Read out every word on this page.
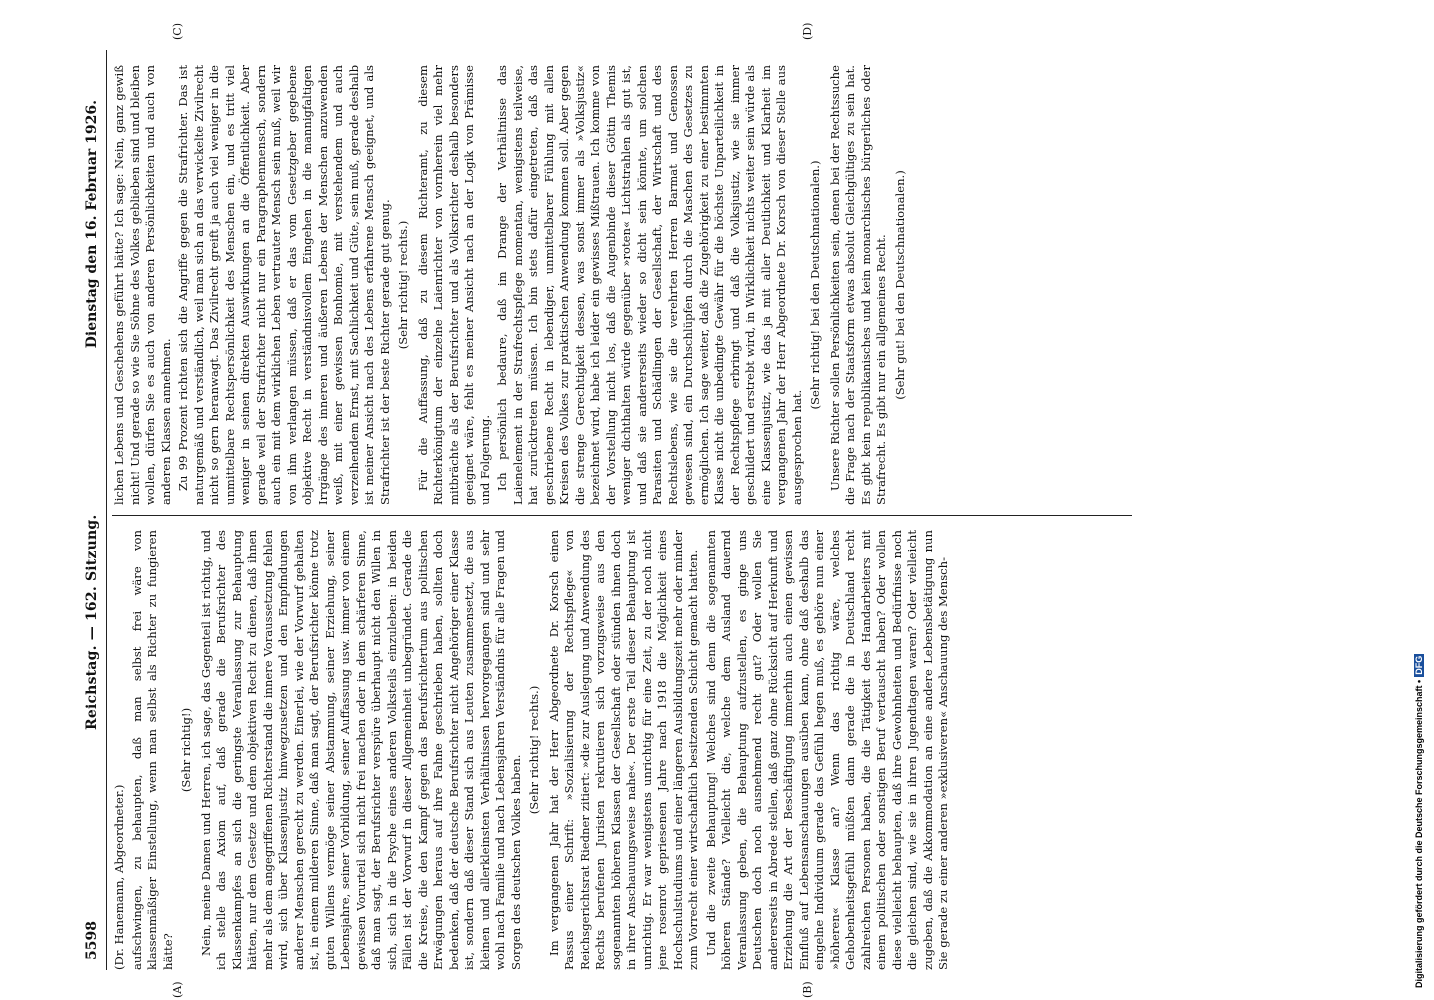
5598
Reichstag. — 162. Sitzung.
Dienstag den 16. Februar 1926.
(A)	(B)
(C)	(D)

(Dr. Hanemann, Abgeordneter.) aufschwingen, zu behaupten, daß man selbst frei wäre von klassenmäßiger Einstellung, wenn man selbst als Richter zu fungieren hätte?

(Sehr richtig!) Nein, meine Damen und Herren, ich sage, das Gegenteil ist richtig, und ich stelle das Axiom auf, daß gerade die Berufsrichter des Klassenkampfes an sich die geringste Veranlassung zur Behauptung hätten, nur dem Gesetze und dem objektiven Recht zu dienen, daß ihnen mehr als dem angegriffenen Richterstand die innere Voraussetzung fehlen wird, sich über Klassenjustiz hinwegzusetzen und den Empfindungen anderer Menschen gerecht zu werden. Einerlei, wie der Vorwurf gehalten ist, in einem milderen Sinne, daß man sagt, der Berufsrichter könne trotz guten Willens vermöge seiner Abstammung, seiner Erziehung, seiner Lebensjahre, seiner Vorbildung, seiner Auffassung usw. immer von einem gewissen Vorurteil sich nicht frei machen oder in dem schärferen Sinne, daß man sagt, der Berufsrichter verspüre überhaupt nicht den Willen in sich, sich in die Psyche eines anderen Volksteils einzuleben: in beiden Fällen ist der Vorwurf in dieser Allgemeinheit unbegründet. Gerade die die Kreise, die den Kampf gegen das Berufsrichtertum aus politischen Erwägungen heraus auf ihre Fahne geschrieben haben, sollten doch bedenken, daß der deutsche Berufsrichter nicht Angehöriger einer Klasse ist, sondern daß dieser Stand sich aus Leuten zusammensetzt, die aus kleinen und allerkleinsten Verhältnissen hervorgegangen sind und sehr wohl nach Familie und nach Lebensjahren Verständnis für alle Fragen und Sorgen des deutschen Volkes haben.

(Sehr richtig! rechts.) Im vergangenen Jahr hat der Herr Abgeordnete Dr. Korsch einen Passus einer Schrift: »Sozialisierung der Rechtspflege« von Reichsgerichtsrat Riedner zitiert: »die zur Auslegung und Anwendung des Rechts berufenen Juristen rekrutieren sich vorzugsweise aus den sogenannten höheren Klassen der Gesellschaft oder stünden ihnen doch in ihrer Anschauungsweise nahe«. Der erste Teil dieser Behauptung ist unrichtig. Er war wenigstens unrichtig für eine Zeit, zu der noch nicht jene rosenrot gepriesenen Jahre nach 1918 die Möglichkeit eines Hochschulstudiums und einer längeren Ausbildungszeit mehr oder minder zum Vorrecht einer wirtschaftlich besitzenden Schicht gemacht hatten. Und die zweite Behauptung! Welches sind denn die sogenannten höheren Stände? Vielleicht die, welche dem Ausland dauernd Veranlassung geben, die Behauptung aufzustellen, es ginge uns Deutschen doch noch ausnehmend recht gut? Oder wollen Sie andererseits in Abrede stellen, daß ganz ohne Rücksicht auf Herkunft und Erziehung die Art der Beschäftigung immerhin auch einen gewissen Einfluß auf Lebensanschauungen ausüben kann, ohne daß deshalb das eingelne Individuum gerade das Gefühl hegen muß, es gehöre nun einer »höheren« Klasse an? Wenn das richtig wäre, welches Gehobenheitsgefühl müßten dann gerade die in Deutschland recht zahlreichen Personen haben, die die Tätigkeit des Handarbeiters mit einem politischen oder sonstigen Beruf vertauscht haben? Oder wollen diese vielleicht behaupten, daß ihre Gewohnheiten und Bedürfnisse noch die gleichen sind, wie sie in ihren Jugendtagen waren? Oder vielleicht zugeben, daß die Akkommodation an eine andere Lebensbetätigung nun Sie gerade zu einer anderen »exklusiveren« Anschauung des Mensch-

lichen Lebens und Geschehens geführt hätte? Ich sage: Nein, ganz gewiß nicht! Und gerade so wie Sie Söhne des Volkes geblieben sind und bleiben wollen, dürfen Sie es auch von anderen Persönlichkeiten und auch von anderen Klassen annehmen. Zu 99 Prozent richten sich die Angriffe gegen die Strafrichter. Das ist naturgemäß und verständlich, weil man sich an das verwickelte Zivilrecht nicht so gern heranwagt. Das Zivilrecht greift ja auch viel weniger in die unmittelbare Rechtspersönlichkeit des Menschen ein, und es tritt viel weniger in seinen direkten Auswirkungen an die Öffentlichkeit. Aber gerade weil der Strafrichter nicht nur ein Paragraphenmensch, sondern auch ein mit dem wirklichen Leben vertrauter Mensch sein muß, weil wir von ihm verlangen müssen, daß er das vom Gesetzgeber gegebene objektive Recht in verständnisvollem Eingehen in die mannigfaltigen Irrgänge des inneren und äußeren Lebens der Menschen anzuwenden weiß, mit einer gewissen Bonhomie, mit verstehendem und auch verzeihendem Ernst, mit Sachlichkeit und Güte, sein muß, gerade deshalb ist meiner Ansicht nach des Lebens erfahrene Mensch geeignet, und als Strafrichter ist der beste Richter gerade gut genug. (Sehr richtig! rechts.) Für die Auffassung, daß zu diesem Richteramt, zu diesem Richterkönigtum der einzelne Laienrichter von vornherein viel mehr mitbrächte als der Berufsrichter und als Volksrichter deshalb besonders geeignet wäre, fehlt es meiner Ansicht nach an der Logik von Prämisse und Folgerung. Ich persönlich bedaure, daß im Drange der Verhältnisse das Laienelement in der Strafrechtspflege momentan, wenigstens teilweise, hat zurücktreten müssen. Ich bin stets dafür eingetreten, daß das geschriebene Recht in lebendiger, unmittelbarer Fühlung mit allen Kreisen des Volkes zur praktischen Anwendung kommen soll. Aber gegen die strenge Gerechtigkeit dessen, was sonst immer als »Volksjustiz« bezeichnet wird, habe ich leider ein gewisses Mißtrauen. Ich komme von der Vorstellung nicht los, daß die Augenbinde dieser Göttin Themis weniger dichthalten würde gegenüber »roten« Lichtstrahlen als gut ist, und daß sie andererseits wieder so dicht sein könnte, um solchen Parasiten und Schädlingen der Gesellschaft, der Wirtschaft und des Rechtslebens, wie sie die verehrten Herren Barmat und Genossen gewesen sind, ein Durchschlüpfen durch die Maschen des Gesetzes zu ermöglichen. Ich sage weiter, daß die Zugehörigkeit zu einer bestimmten Klasse nicht die unbedingte Gewähr für die höchste Unparteilichkeit in der Rechtspflege erbringt und daß die Volksjustiz, wie sie immer geschildert und erstrebt wird, in Wirklichkeit nichts weiter sein würde als eine Klassenjustiz, wie das ja mit aller Deutlichkeit und Klarheit im vergangenen Jahr der Herr Abgeordnete Dr. Korsch von dieser Stelle aus ausgesprochen hat.

(Sehr richtig! bei den Deutschnationalen.) Unsere Richter sollen Persönlichkeiten sein, denen bei der Rechtssuche die Frage nach der Staatsform etwas absolut Gleichgültiges zu sein hat. Es gibt kein republikanisches und kein monarchisches bürgerliches oder Strafrecht. Es gibt nur ein allgemeines Recht. (Sehr gut! bei den Deutschnationalen.)

Digitalisierung gefördert durch die Deutsche Forschungsgemeinschaft •DFG
